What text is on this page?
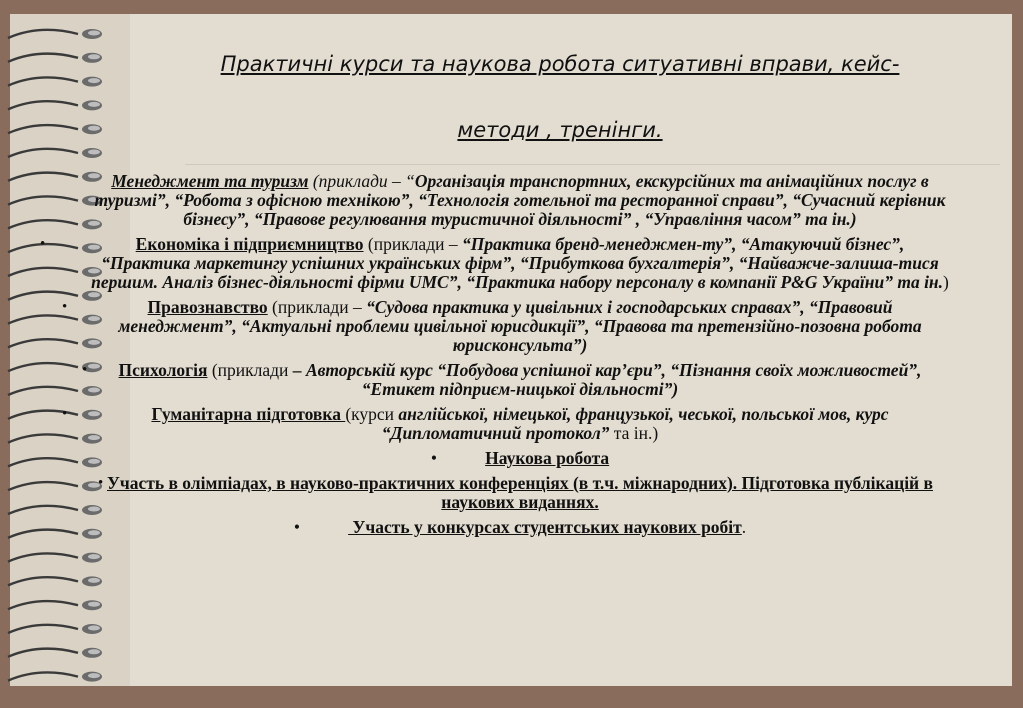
Практичні курси та наукова робота ситуативні вправи, кейс-
методи , тренінги.
Менеджмент та туризм (приклади – “Організація транспортних, екскурсійних та анімаційних послуг в туризмі”, “Робота з офісною технікою”, “Технологія готельної та ресторанної справи”, “Сучасний керівник бізнесу”, “Правове регулювання туристичної діяльності” , “Управління часом” та ін.)
•	Економіка і підприємництво (приклади – “Практика бренд-менеджмен-ту”, “Атакуючий бізнес”, “Практика маркетингу успішних українських фірм”, “Прибуткова бухгалтерія”, “Найважче-залиша-тися першим. Аналіз бізнес-діяльності фірми UMC”, “Практика набору персоналу в компанії P&G України” та ін.)
•	Правознавство (приклади – “Судова практика у цивільних і господарських справах”, “Правовий менеджмент”, “Актуальні проблеми цивільної юрисдикції”, “Правова та претензійно-позовна робота юрисконсульта”)
• Психологія (приклади – Авторськiй курс “Побудова успішної кар’єри”, “Пізнання своїх можливостей”, “Етикет підприєм-ницької діяльності”)
•	Гуманітарна підготовка (курси англійської, німецької, французької, чеської, польської мов, курс “Дипломатичний протокол” та ін.)
•	Наукова робота
• Участь в олімпіадах, в науково-практичних конференціях (в т.ч. міжнародних). Підготовка публікацій в наукових виданнях.
•	Участь у конкурсах студентських наукових робіт.
